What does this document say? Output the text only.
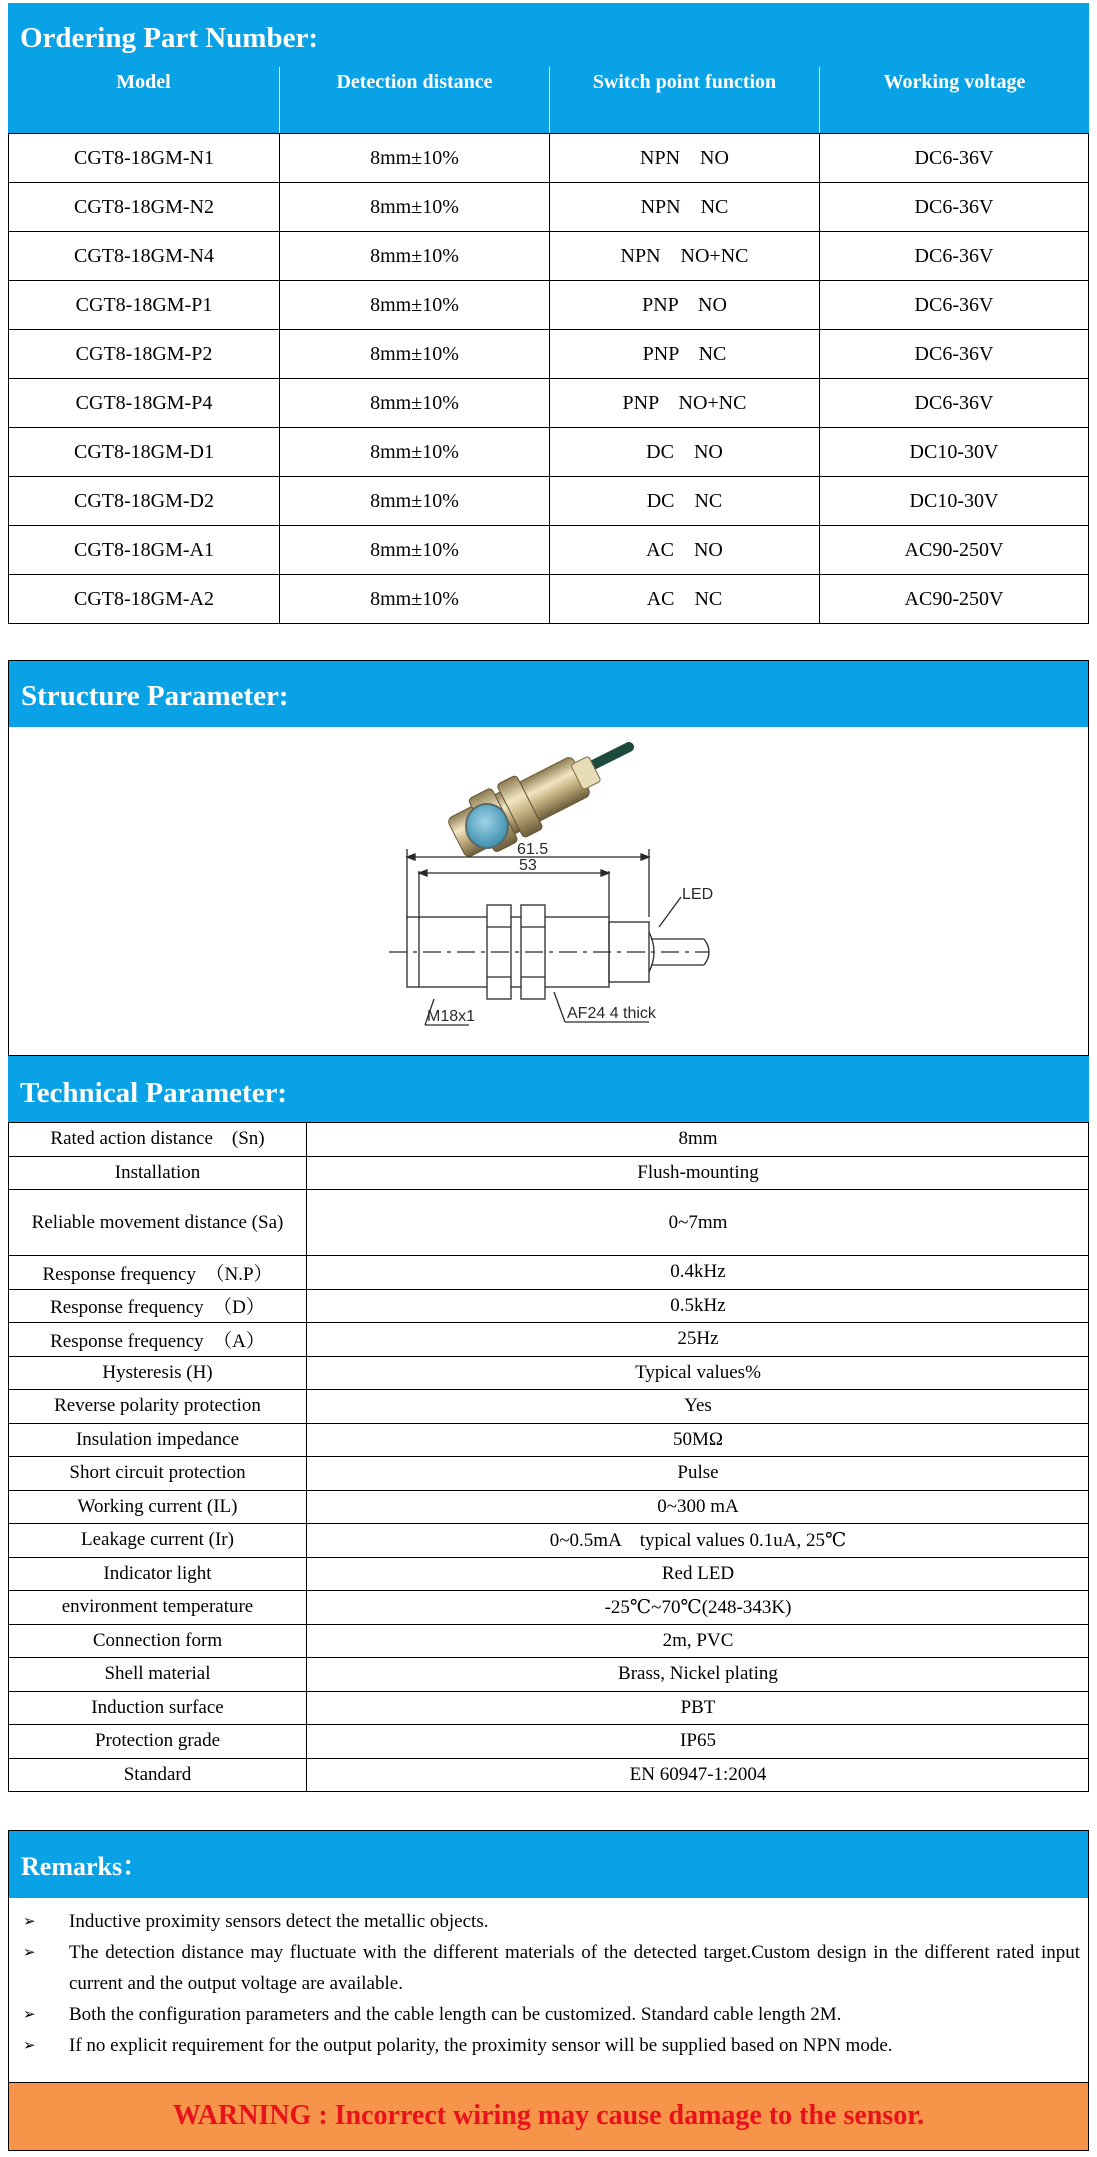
Ordering Part Number:
Model	Detection distance	Switch point function	Working voltage
CGT8-18GM-N1	8mm±10%	NPN    NO	DC6-36V
CGT8-18GM-N2	8mm±10%	NPN    NC	DC6-36V
CGT8-18GM-N4	8mm±10%	NPN    NO+NC	DC6-36V
CGT8-18GM-P1	8mm±10%	PNP    NO	DC6-36V
CGT8-18GM-P2	8mm±10%	PNP    NC	DC6-36V
CGT8-18GM-P4	8mm±10%	PNP    NO+NC	DC6-36V
CGT8-18GM-D1	8mm±10%	DC    NO	DC10-30V
CGT8-18GM-D2	8mm±10%	DC    NC	DC10-30V
CGT8-18GM-A1	8mm±10%	AC    NO	AC90-250V
CGT8-18GM-A2	8mm±10%	AC    NC	AC90-250V
Structure Parameter:
61.5
53
LED
M18x1	AF24 4 thick
Technical Parameter:
Rated action distance    (Sn)	8mm
Installation	Flush-mounting
Reliable movement distance (Sa)	0~7mm
Response frequency  （N.P）	0.4kHz
Response frequency  （D）	0.5kHz
Response frequency  （A）	25Hz
Hysteresis (H)	Typical values%
Reverse polarity protection	Yes
Insulation impedance	50MΩ
Short circuit protection	Pulse
Working current (IL)	0~300 mA
Leakage current (Ir)	0~0.5mA    typical values 0.1uA, 25℃
Indicator light	Red LED
environment temperature	-25℃~70℃(248-343K)
Connection form	2m, PVC
Shell material	Brass, Nickel plating
Induction surface	PBT
Protection grade	IP65
Standard	EN 60947-1:2004
Remarks：
➢ Inductive proximity sensors detect the metallic objects.
➢ The detection distance may fluctuate with the different materials of the detected target.Custom design in the different rated input current and the output voltage are available.
➢ Both the configuration parameters and the cable length can be customized. Standard cable length 2M.
➢ If no explicit requirement for the output polarity, the proximity sensor will be supplied based on NPN mode.
WARNING : Incorrect wiring may cause damage to the sensor.
